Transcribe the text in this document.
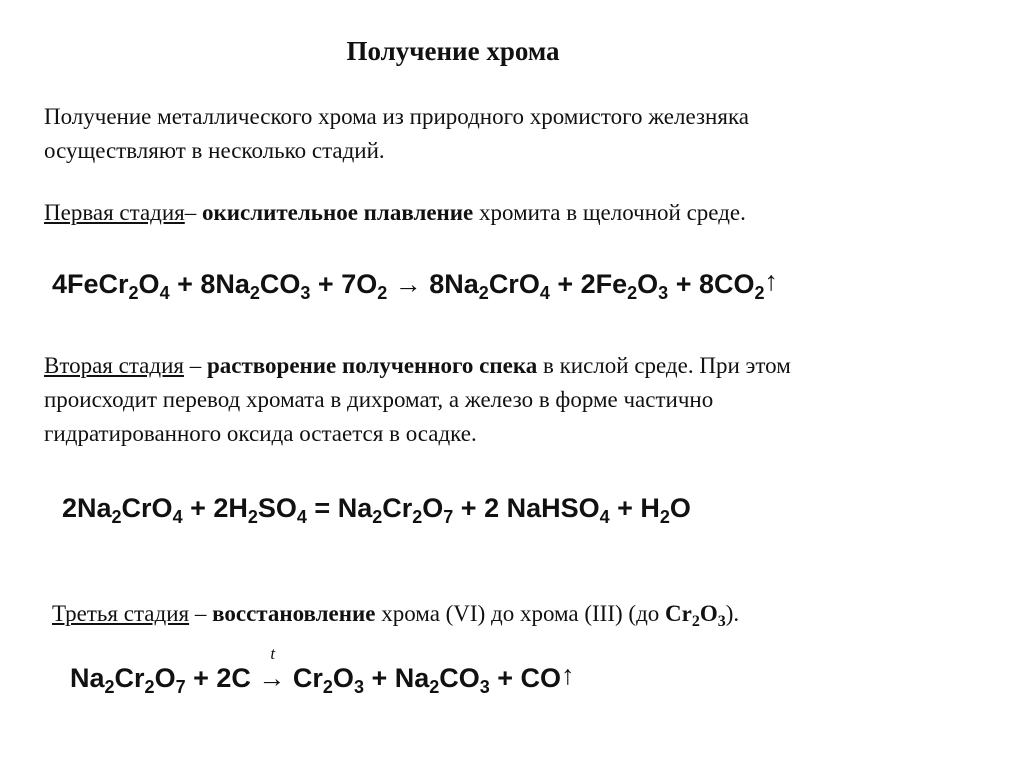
Получение хрома
Получение металлического хрома из природного хромистого железняка
осуществляют в несколько стадий.
Первая стадия– окислительное плавление хромита в щелочной среде.
$4FeCr_2O_4 + 8Na_2CO_3 + 7O_2 \to 8Na_2CrO_4 + 2Fe_2O_3$ + $8CO_2↑$
Вторая стадия – растворение полученного спека в кислой среде. При этом
происходит перевод хромата в дихромат, а железо в форме частично
гидратированного оксида остается в осадке.
$2Na_2CrO_4 + 2H_2SO_4 = Na_2Cr_2O_7 + 2$ NaHSO$_4$ + $H_2O$
Третья стадия – восстановление хрома (VI) до хрома (III) (до $Cr_2O_3$).
$Na_2Cr_2O_7 + 2C$
t
→ $Cr_2O_3 + Na_2CO_3$ + CO↑
